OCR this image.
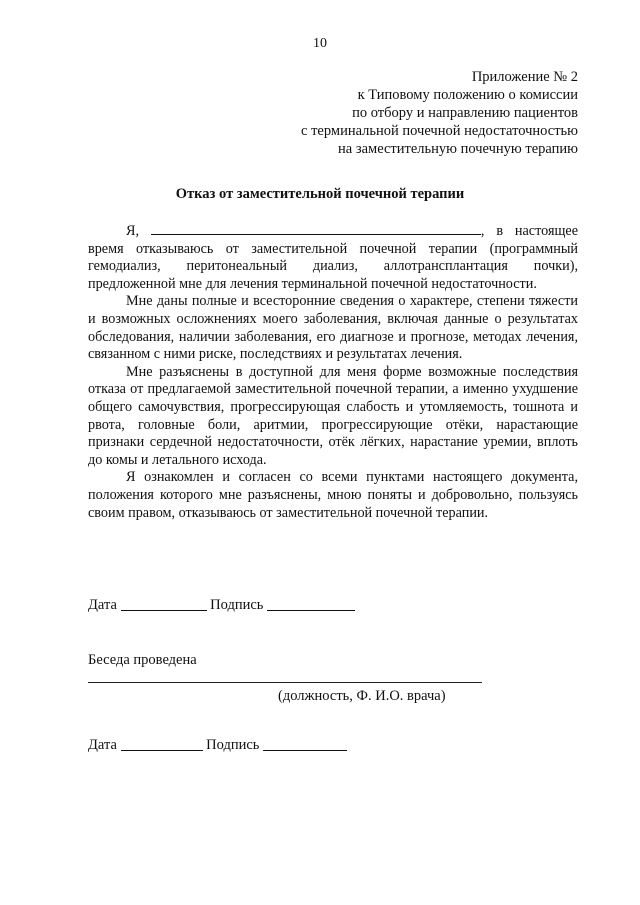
10
Приложение № 2
к Типовому положению о комиссии
по отбору и направлению пациентов
с терминальной почечной недостаточностью
на заместительную почечную терапию
Отказ от заместительной почечной терапии

Я,	, в настоящее время отказываюсь от заместительной почечной терапии (программный гемодиализ, перитонеальный диализ, аллотрансплантация почки), предложенной мне для лечения терминальной почечной недостаточности.

Мне даны полные и всесторонние сведения о характере, степени тяжести и возможных осложнениях моего заболевания, включая данные о результатах обследования, наличии заболевания, его диагнозе и прогнозе, методах лечения, связанном с ними риске, последствиях и результатах лечения.

Мне разъяснены в доступной для меня форме возможные последствия отказа от предлагаемой заместительной почечной терапии, а именно ухудшение общего самочувствия, прогрессирующая слабость и утомляемость, тошнота и рвота, головные боли, аритмии, прогрессирующие отёки, нарастающие признаки сердечной недостаточности, отёк лёгких, нарастание уремии, вплоть до комы и летального исхода.

Я ознакомлен и согласен со всеми пунктами настоящего документа, положения которого мне разъяснены, мною поняты и добровольно, пользуясь своим правом, отказываюсь от заместительной почечной терапии.

Дата	Подпись
Беседа проведена
(должность, Ф. И.О. врача)
Дата	Подпись
